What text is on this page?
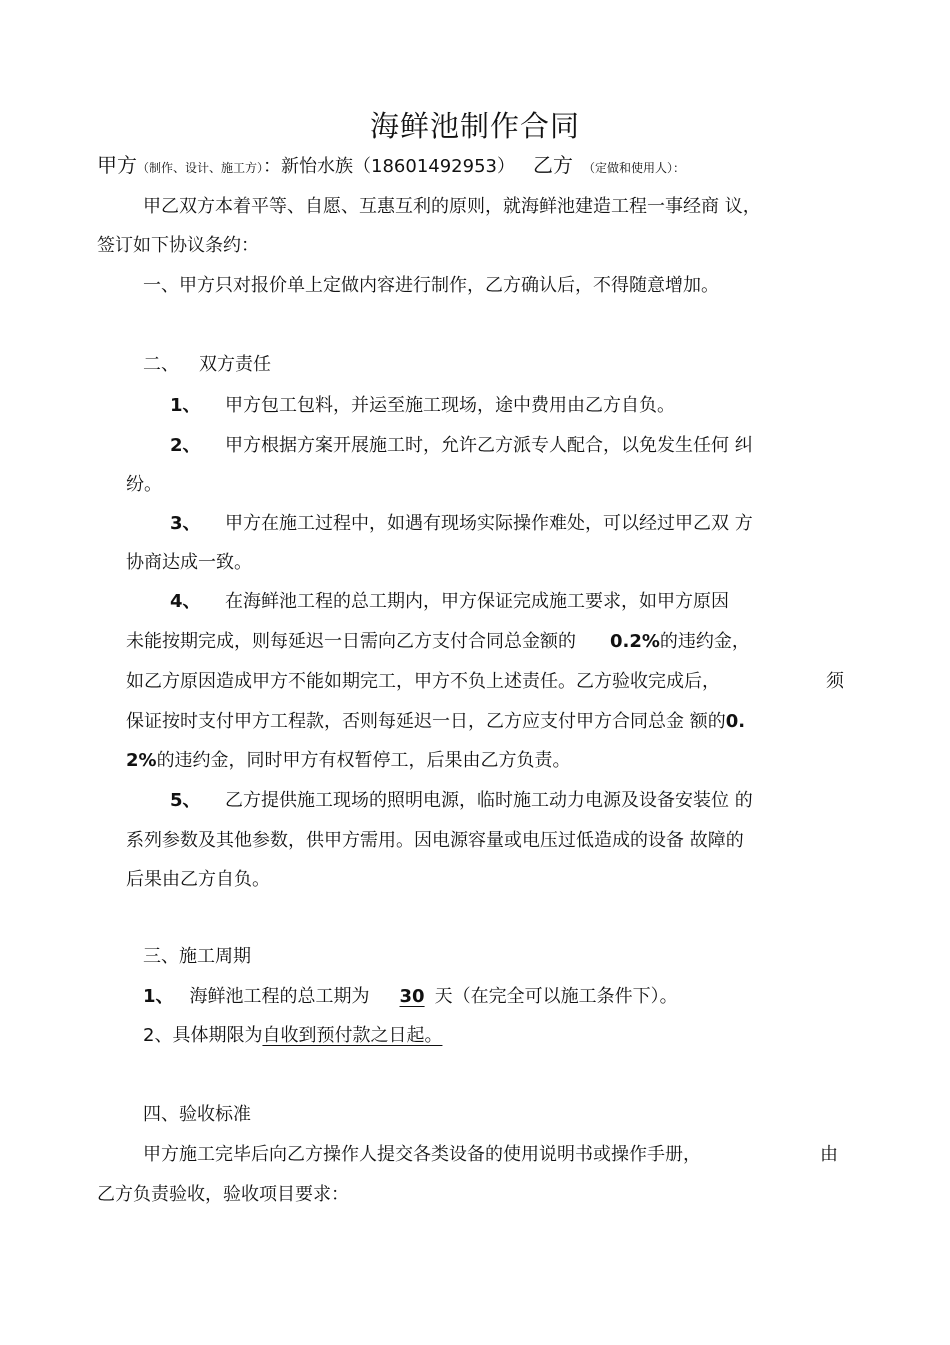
海鲜池制作合同
甲方（制作、设计、施工方）：新怡水族（18601492953） 乙方 （定做和使用人）：
甲乙双方本着平等、自愿、互惠互利的原则，就海鲜池建造工程一事经商 议，
签订如下协议条约：
一、甲方只对报价单上定做内容进行制作，乙方确认后，不得随意增加。
二、 双方责任
1、 甲方包工包料，并运至施工现场，途中费用由乙方自负。
2、 甲方根据方案开展施工时，允许乙方派专人配合，以免发生任何 纠
纷。
3、 甲方在施工过程中，如遇有现场实际操作难处，可以经过甲乙双 方
协商达成一致。
4、 在海鲜池工程的总工期内，甲方保证完成施工要求，如甲方原因
未能按期完成，则每延迟一日需向乙方支付合同总金额的 0.2%的违约金，
如乙方原因造成甲方不能如期完工，甲方不负上述责任。乙方验收完成后，	须
保证按时支付甲方工程款，否则每延迟一日，乙方应支付甲方合同总金 额的0.
2%的违约金，同时甲方有权暂停工，后果由乙方负责。
5、 乙方提供施工现场的照明电源，临时施工动力电源及设备安装位 的
系列参数及其他参数，供甲方需用。因电源容量或电压过低造成的设备 故障的
后果由乙方自负。
三、施工周期
1、 海鲜池工程的总工期为 30 天（在完全可以施工条件下）。
2、具体期限为自收到预付款之日起。
四、验收标准
甲方施工完毕后向乙方操作人提交各类设备的使用说明书或操作手册，	由
乙方负责验收，验收项目要求：
